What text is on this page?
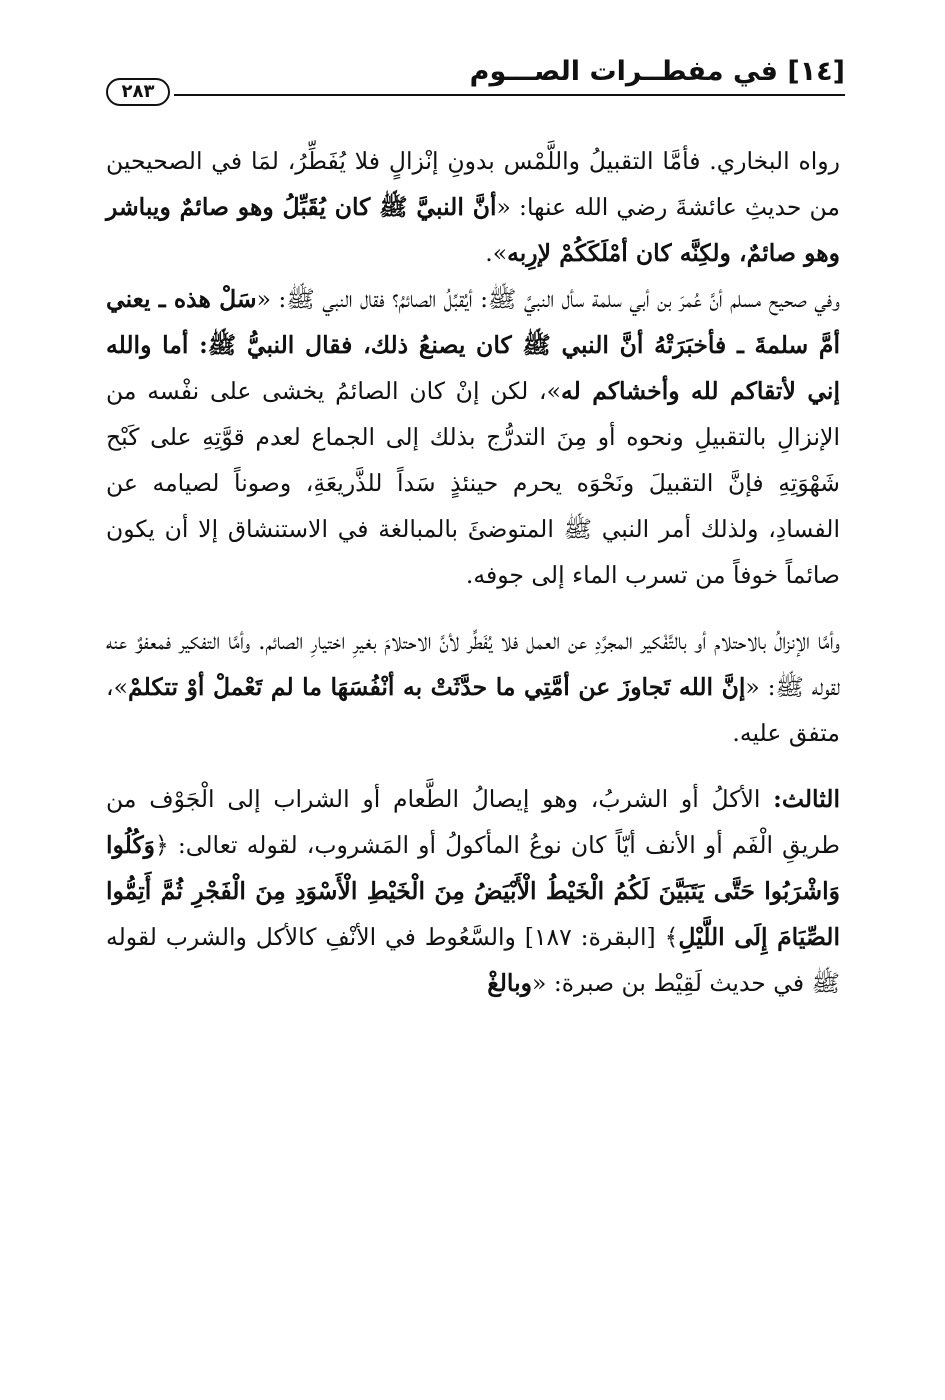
[١٤] في مفطــرات الصـــوم
٢٨٣

رواه البخاري. فأمَّا التقبيلُ واللَّمْس بدونِ إنْزالٍ فلا يُفَطِّرُ، لمَا في الصحيحين من حديثِ عائشةَ رضي الله عنها: «أنَّ النبيَّ ﷺ كان يُقَبِّلُ وهو صائمٌ ويباشر وهو صائمٌ، ولكِنَّه كان أمْلَكَكُمْ لإرِبه».

وفي صحيح مسلم أنَّ عُمرَ بن أبي سلمة سأل النبيَّ ﷺ: أيُقبِّلُ الصائمُ؟ فقال النبي ﷺ: «سَلْ هذه ـ يعني أمَّ سلمةَ ـ فأخبَرَتْهُ أنَّ النبي ﷺ كان يصنعُ ذلك، فقال النبيُّ ﷺ: أما والله إني لأتقاكم لله وأخشاكم له»، لكن إنْ كان الصائمُ يخشى على نفْسه من الإنزالِ بالتقبيلِ ونحوه أو مِنَ التدرُّج بذلك إلى الجماع لعدم قوَّتِهِ على كَبْح شَهْوَتِهِ فإنَّ التقبيلَ ونَحْوَه يحرم حينئذٍ سَداً للذَّريعَةِ، وصوناً لصيامه عن الفسادِ، ولذلك أمر النبي ﷺ المتوضئَ بالمبالغة في الاستنشاق إلا أن يكون صائماً خوفاً من تسرب الماء إلى جوفه.

وأمَّا الإنزالُ بالاحتلام أو بالتَّفْكير المجرَّدِ عن العمل فلا يُفَطِّر لأنَّ الاحتلامَ بغيرِ اختيارِ الصائم. وأمَّا التفكير فمعفوٌ عنه لقوله ﷺ: «إنَّ الله تَجاوزَ عن أمَّتِي ما حدَّثَتْ به أنْفُسَهَا ما لم تَعْملْ أوْ تتكلمْ»، متفق عليه.

الثالث: الأكلُ أو الشربُ، وهو إيصالُ الطَّعام أو الشراب إلى الْجَوْف من طريقِ الْفَم أو الأنف أيّاً كان نوعُ المأكولُ أو المَشروب، لقوله تعالى: ﴿وَكُلُوا وَاشْرَبُوا حَتَّى يَتَبَيَّنَ لَكُمُ الْخَيْطُ الْأَبْيَضُ مِنَ الْخَيْطِ الْأَسْوَدِ مِنَ الْفَجْرِ ثُمَّ أَتِمُّوا الصِّيَامَ إِلَى اللَّيْلِ﴾ [البقرة: ١٨٧] والسَّعُوط في الأنْفِ كالأكل والشرب لقوله ﷺ في حديث لَقِيْط بن صبرة: «وبالغْ
